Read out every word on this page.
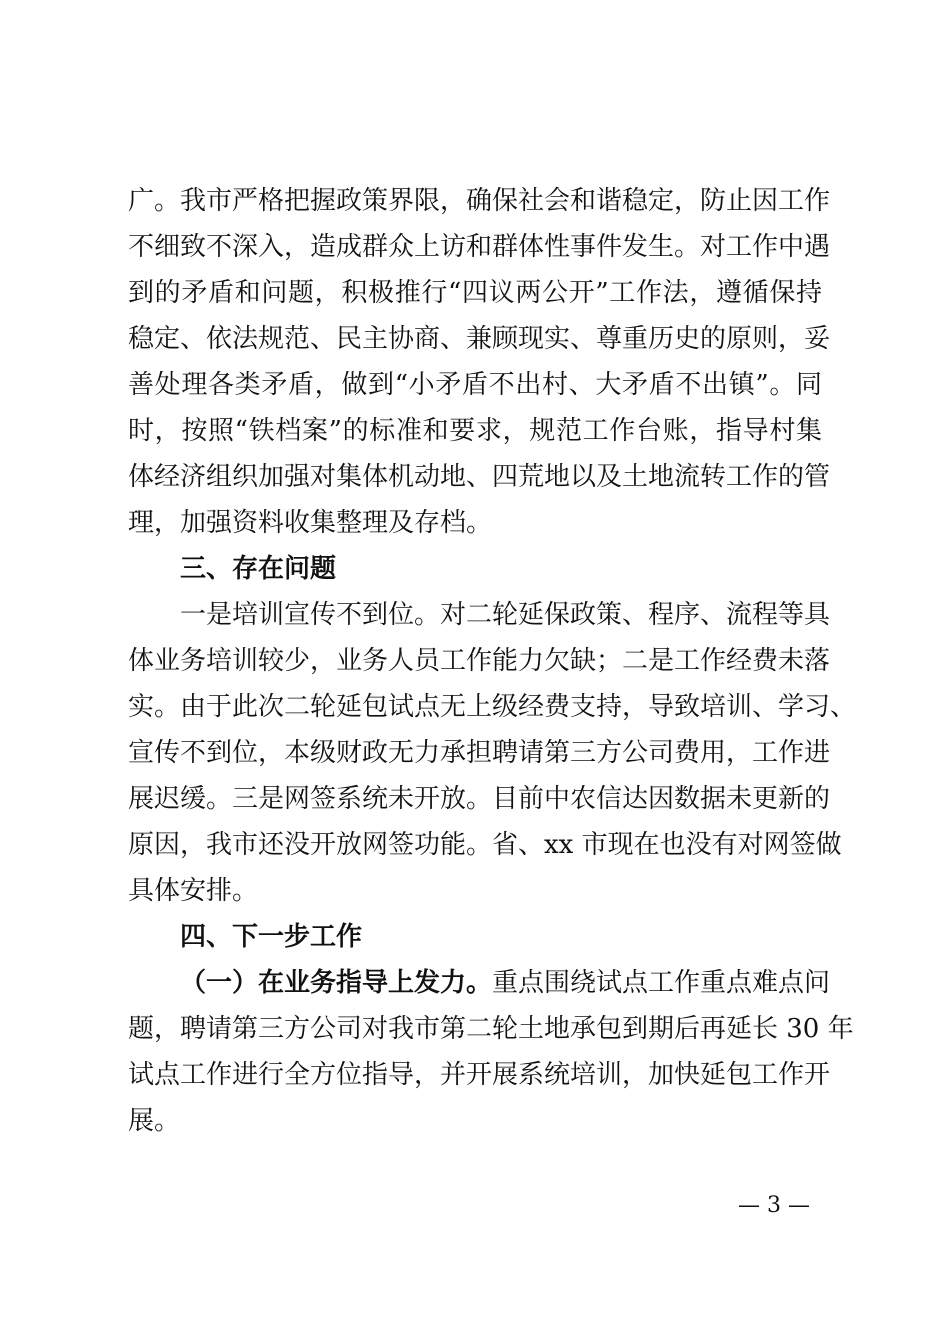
广。我市严格把握政策界限，确保社会和谐稳定，防止因工作
不细致不深入，造成群众上访和群体性事件发生。对工作中遇
到的矛盾和问题，积极推行“四议两公开”工作法，遵循保持
稳定、依法规范、民主协商、兼顾现实、尊重历史的原则，妥
善处理各类矛盾，做到“小矛盾不出村、大矛盾不出镇”。同
时，按照“铁档案”的标准和要求，规范工作台账，指导村集
体经济组织加强对集体机动地、四荒地以及土地流转工作的管
理，加强资料收集整理及存档。
三、存在问题
一是培训宣传不到位。对二轮延保政策、程序、流程等具
体业务培训较少，业务人员工作能力欠缺；二是工作经费未落
实。由于此次二轮延包试点无上级经费支持，导致培训、学习、
宣传不到位，本级财政无力承担聘请第三方公司费用，工作进
展迟缓。三是网签系统未开放。目前中农信达因数据未更新的
原因，我市还没开放网签功能。省、xx 市现在也没有对网签做
具体安排。
四、下一步工作
（一）在业务指导上发力。重点围绕试点工作重点难点问
题，聘请第三方公司对我市第二轮土地承包到期后再延长 30 年
试点工作进行全方位指导，并开展系统培训，加快延包工作开
展。
— 3 —
